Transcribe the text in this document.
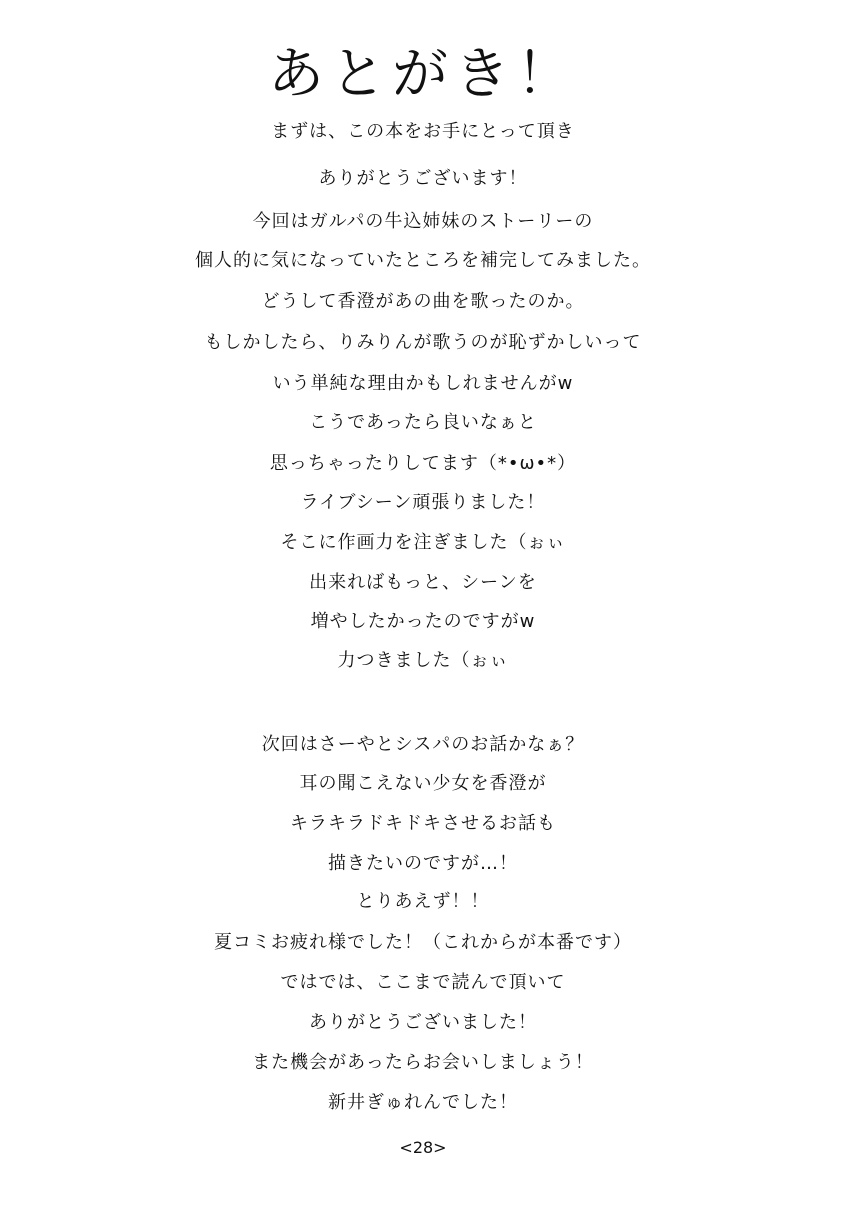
あとがき！
まずは、この本をお手にとって頂き
ありがとうございます！
今回はガルパの牛込姉妹のストーリーの
個人的に気になっていたところを補完してみました。
どうして香澄があの曲を歌ったのか。
もしかしたら、りみりんが歌うのが恥ずかしいって
いう単純な理由かもしれませんがw
こうであったら良いなぁと
思っちゃったりしてます（*•ω•*）
ライブシーン頑張りました！
そこに作画力を注ぎました（ぉぃ
出来ればもっと、シーンを
増やしたかったのですがw
力つきました（ぉぃ
次回はさーやとシスパのお話かなぁ？
耳の聞こえない少女を香澄が
キラキラドキドキさせるお話も
描きたいのですが…！
とりあえず！！
夏コミお疲れ様でした！（これからが本番です）
ではでは、ここまで読んで頂いて
ありがとうございました！
また機会があったらお会いしましょう！
新井ぎゅれんでした！
<28>
